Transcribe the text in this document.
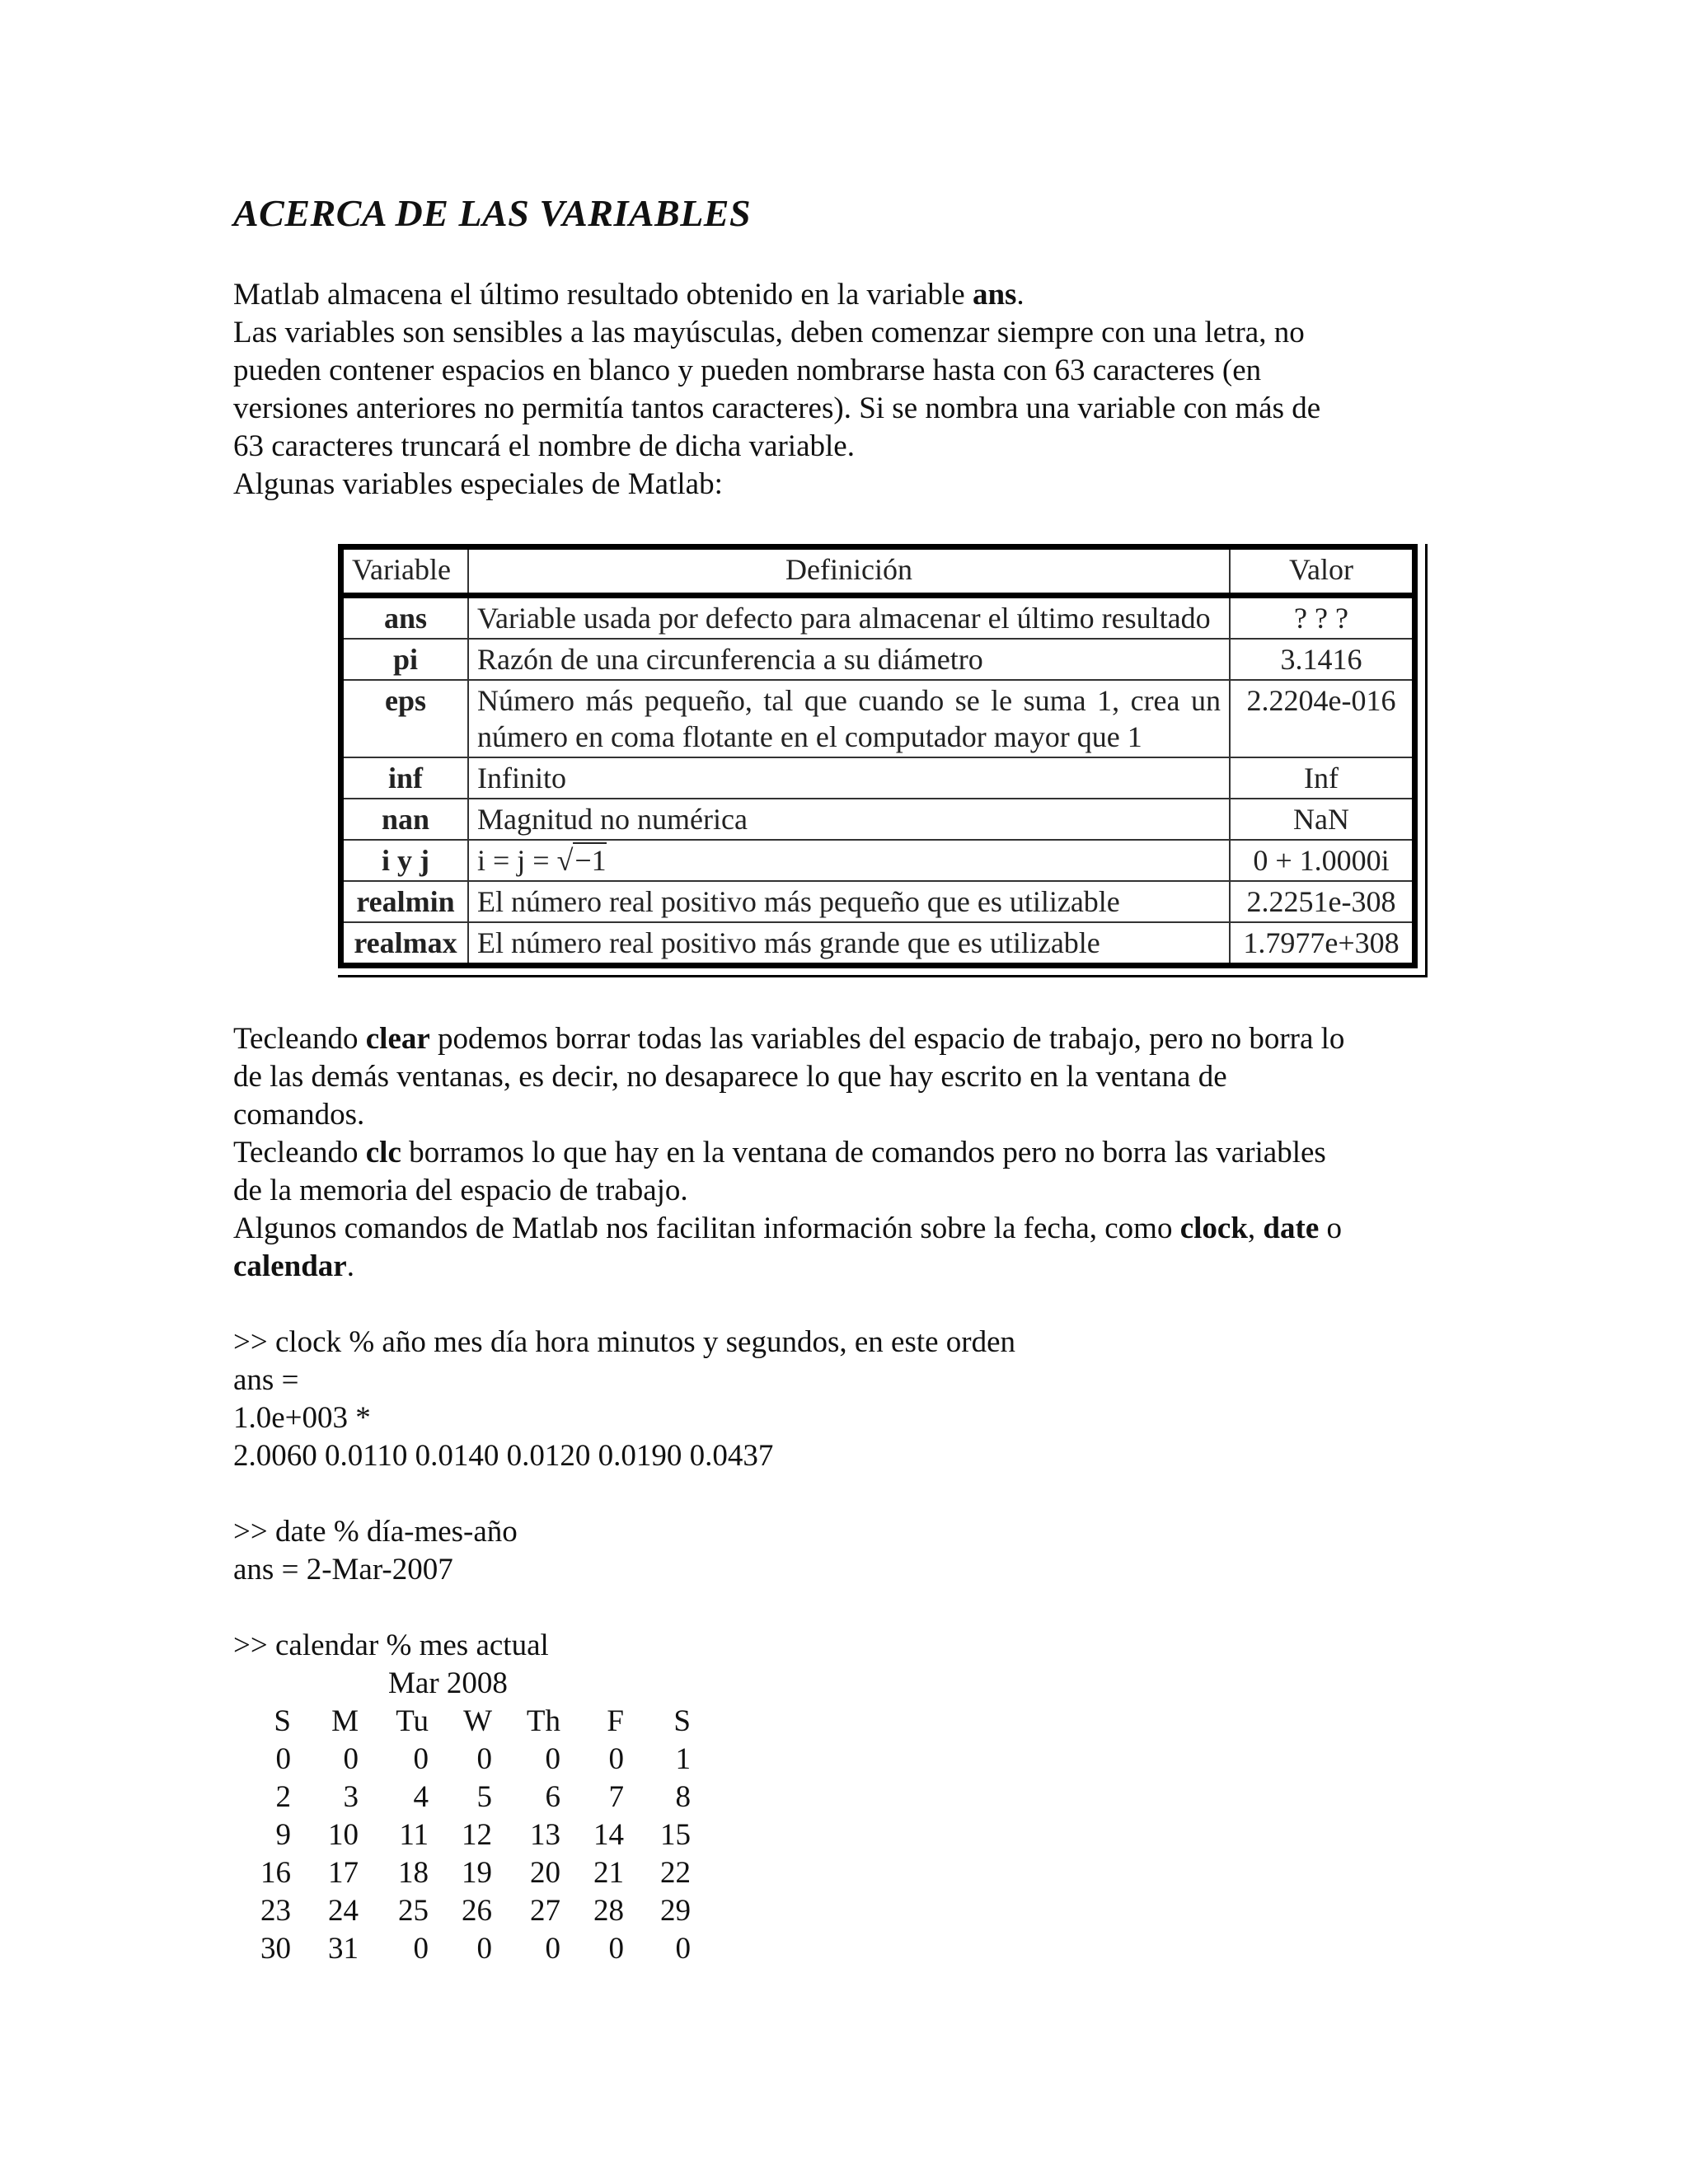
ACERCA DE LAS VARIABLES
Matlab almacena el último resultado obtenido en la variable ans.
Las variables son sensibles a las mayúsculas, deben comenzar siempre con una letra, no
pueden contener espacios en blanco y pueden nombrarse hasta con 63 caracteres (en
versiones anteriores no permitía tantos caracteres). Si se nombra una variable con más de
63 caracteres truncará el nombre de dicha variable.
Algunas variables especiales de Matlab:
Variable	Definición	Valor
ans	Variable usada por defecto para almacenar el último resultado	? ? ?
pi	Razón de una circunferencia a su diámetro	3.1416
eps	Número más pequeño, tal que cuando se le suma 1, crea un número en coma flotante en el computador mayor que 1	2.2204e-016
inf	Infinito	Inf
nan	Magnitud no numérica	NaN
i y j	i = j = √−1	0 + 1.0000i
realmin	El número real positivo más pequeño que es utilizable	2.2251e-308
realmax	El número real positivo más grande que es utilizable	1.7977e+308
Tecleando clear podemos borrar todas las variables del espacio de trabajo, pero no borra lo
de las demás ventanas, es decir, no desaparece lo que hay escrito en la ventana de
comandos.
Tecleando clc borramos lo que hay en la ventana de comandos pero no borra las variables
de la memoria del espacio de trabajo.
Algunos comandos de Matlab nos facilitan información sobre la fecha, como clock, date o
calendar.
>> clock % año mes día hora minutos y segundos, en este orden
ans =
1.0e+003 *
2.0060 0.0110 0.0140 0.0120 0.0190 0.0437
>> date % día-mes-año
ans = 2-Mar-2007
>> calendar % mes actual
Mar 2008
S	M	Tu	W	Th	F	S
0	0	0	0	0	0	1
2	3	4	5	6	7	8
9	10	11	12	13	14	15
16	17	18	19	20	21	22
23	24	25	26	27	28	29
30	31	0	0	0	0	0
